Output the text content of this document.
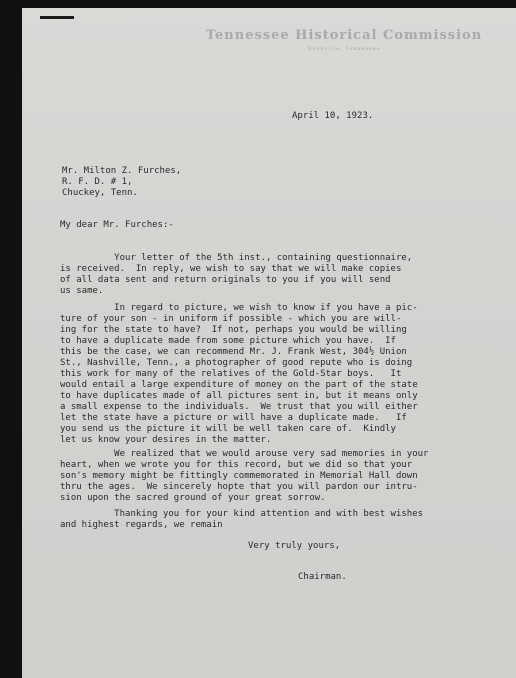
Tennessee Historical Commission
Nashville, Tennessee
April 10, 1923.
Mr. Milton Z. Furches,
R. F. D. # 1,
Chuckey, Tenn.
My dear Mr. Furches:-
Your letter of the 5th inst., containing questionnaire,
is received.  In reply, we wish to say that we will make copies
of all data sent and return originals to you if you will send
us same.
In regard to picture, we wish to know if you have a pic-
ture of your son - in uniform if possible - which you are will-
ing for the state to have?  If not, perhaps you would be willing
to have a duplicate made from some picture which you have.  If
this be the case, we can recommend Mr. J. Frank West, 304½ Union
St., Nashville, Tenn., a photographer of good repute who is doing
this work for many of the relatives of the Gold-Star boys.   It
would entail a large expenditure of money on the part of the state
to have duplicates made of all pictures sent in, but it means only
a small expense to the individuals.  We trust that you will either
let the state have a picture or will have a duplicate made.   If
you send us the picture it will be well taken care of.  Kindly
let us know your desires in the matter.
We realized that we would arouse very sad memories in your
heart, when we wrote you for this record, but we did so that your
son's memory might be fittingly commemorated in Memorial Hall down
thru the ages.  We sincerely hopte that you will pardon our intru-
sion upon the sacred ground of your great sorrow.
Thanking you for your kind attention and with best wishes
and highest regards, we remain
Very truly yours,
Chairman.
